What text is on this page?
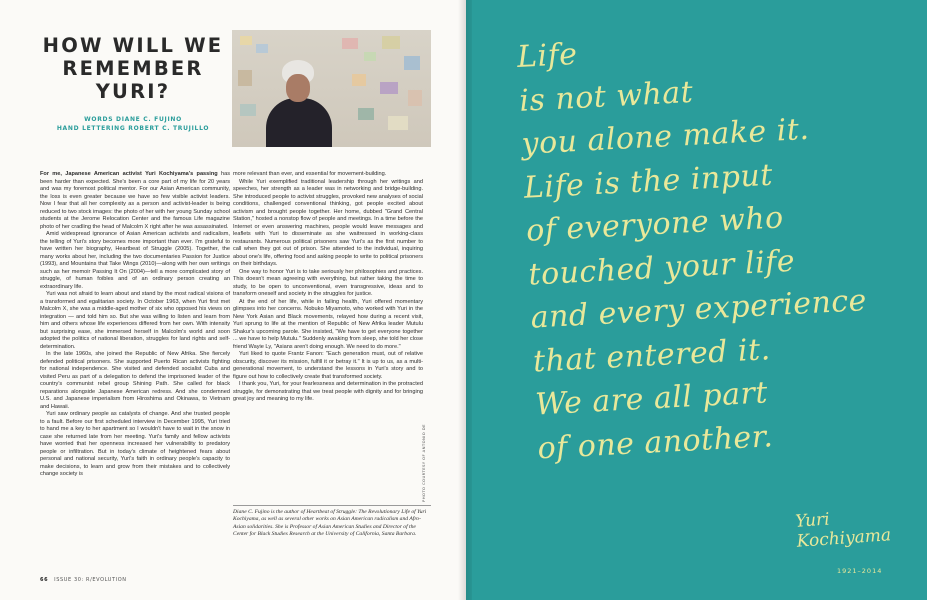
HOW WILL WE
REMEMBER
YURI?
WORDS DIANE C. FUJINO
HAND LETTERING ROBERT C. TRUJILLO

For me, Japanese American activist Yuri Kochiyama's passing has been harder than expected. She's been a core part of my life for 20 years and was my foremost political mentor. For our Asian American community, the loss is even greater because we have so few visible activist leaders. Now I fear that all her complexity as a person and activist-leader is being reduced to two stock images: the photo of her with her young Sunday school students at the Jerome Relocation Center and the famous Life magazine photo of her cradling the head of Malcolm X right after he was assassinated.

Amid widespread ignorance of Asian American activists and radicalism, the telling of Yuri's story becomes more important than ever. I'm grateful to have written her biography, Heartbeat of Struggle (2005). Together, the many works about her, including the two documentaries Passion for Justice (1993), and Mountains that Take Wings (2010)—along with her own writings such as her memoir Passing It On (2004)—tell a more complicated story of struggle, of human foibles and of an ordinary person creating an extraordinary life.

Yuri was not afraid to learn about and stand by the most radical visions of a transformed and egalitarian society. In October 1963, when Yuri first met Malcolm X, she was a middle-aged mother of six who opposed his views on integration — and told him so. But she was willing to listen and learn from him and others whose life experiences differed from her own. With intensity but surprising ease, she immersed herself in Malcolm's world and soon adopted the politics of national liberation, struggles for land rights and self-determination.

In the late 1960s, she joined the Republic of New Afrika. She fiercely defended political prisoners. She supported Puerto Rican activists fighting for national independence. She visited and defended socialist Cuba and visited Peru as part of a delegation to defend the imprisoned leader of the country's communist rebel group Shining Path. She called for black reparations alongside Japanese American redress. And she condemned U.S. and Japanese imperialism from Hiroshima and Okinawa, to Vietnam and Hawaii.

Yuri saw ordinary people as catalysts of change. And she trusted people to a fault. Before our first scheduled interview in December 1995, Yuri tried to hand me a key to her apartment so I wouldn't have to wait in the snow in case she returned late from her meeting. Yuri's family and fellow activists have worried that her openness increased her vulnerability to predatory people or infiltration. But in today's climate of heightened fears about personal and national security, Yuri's faith in ordinary people's capacity to make decisions, to learn and grow from their mistakes and to collectively change society is

more relevant than ever, and essential for movement-building.

While Yuri exemplified traditional leadership through her writings and speeches, her strength as a leader was in networking and bridge-building. She introduced people to activist struggles, provoked new analyses of social conditions, challenged conventional thinking, got people excited about activism and brought people together. Her home, dubbed "Grand Central Station," hosted a nonstop flow of people and meetings. In a time before the Internet or even answering machines, people would leave messages and leaflets with Yuri to disseminate as she waitressed in working-class restaurants. Numerous political prisoners saw Yuri's as the first number to call when they got out of prison. She attended to the individual, inquiring about one's life, offering food and asking people to write to political prisoners on their birthdays.

One way to honor Yuri is to take seriously her philosophies and practices. This doesn't mean agreeing with everything, but rather taking the time to study, to be open to unconventional, even transgressive, ideas and to transform oneself and society in the struggles for justice.

At the end of her life, while in failing health, Yuri offered momentary glimpses into her concerns. Nobuko Miyamoto, who worked with Yuri in the New York Asian and Black movements, relayed how during a recent visit, Yuri sprung to life at the mention of Republic of New Afrika leader Mutulu Shakur's upcoming parole. She insisted, "We have to get everyone together ... we have to help Mutulu." Suddenly awaking from sleep, she told her close friend Wayie Ly, "Asians aren't doing enough. We need to do more."

Yuri liked to quote Frantz Fanon: "Each generation must, out of relative obscurity, discover its mission, fulfill it or betray it." It is up to us, as a multi-generational movement, to understand the lessons in Yuri's story and to figure out how to collectively create that transformed society.

I thank you, Yuri, for your fearlessness and determination in the protracted struggle, for demonstrating that we treat people with dignity and for bringing great joy and meaning to my life.

Diane C. Fujino is the author of Heartbeat of Struggle: The Revolutionary Life of Yuri Kochiyama, as well as several other works on Asian American radicalism and Afro-Asian solidarities. She is Professor of Asian American Studies and Director of the Center for Black Studies Research at the University of California, Santa Barbara.
66 ISSUE 30: R/EVOLUTION
Life
is not what
you alone make it.
Life is the input
of everyone who
touched your life
and every experience
that entered it.
We are all part
of one another.
Yuri
Kochiyama
1921–2014
PHOTO COURTESY OF ANTONIO DE
